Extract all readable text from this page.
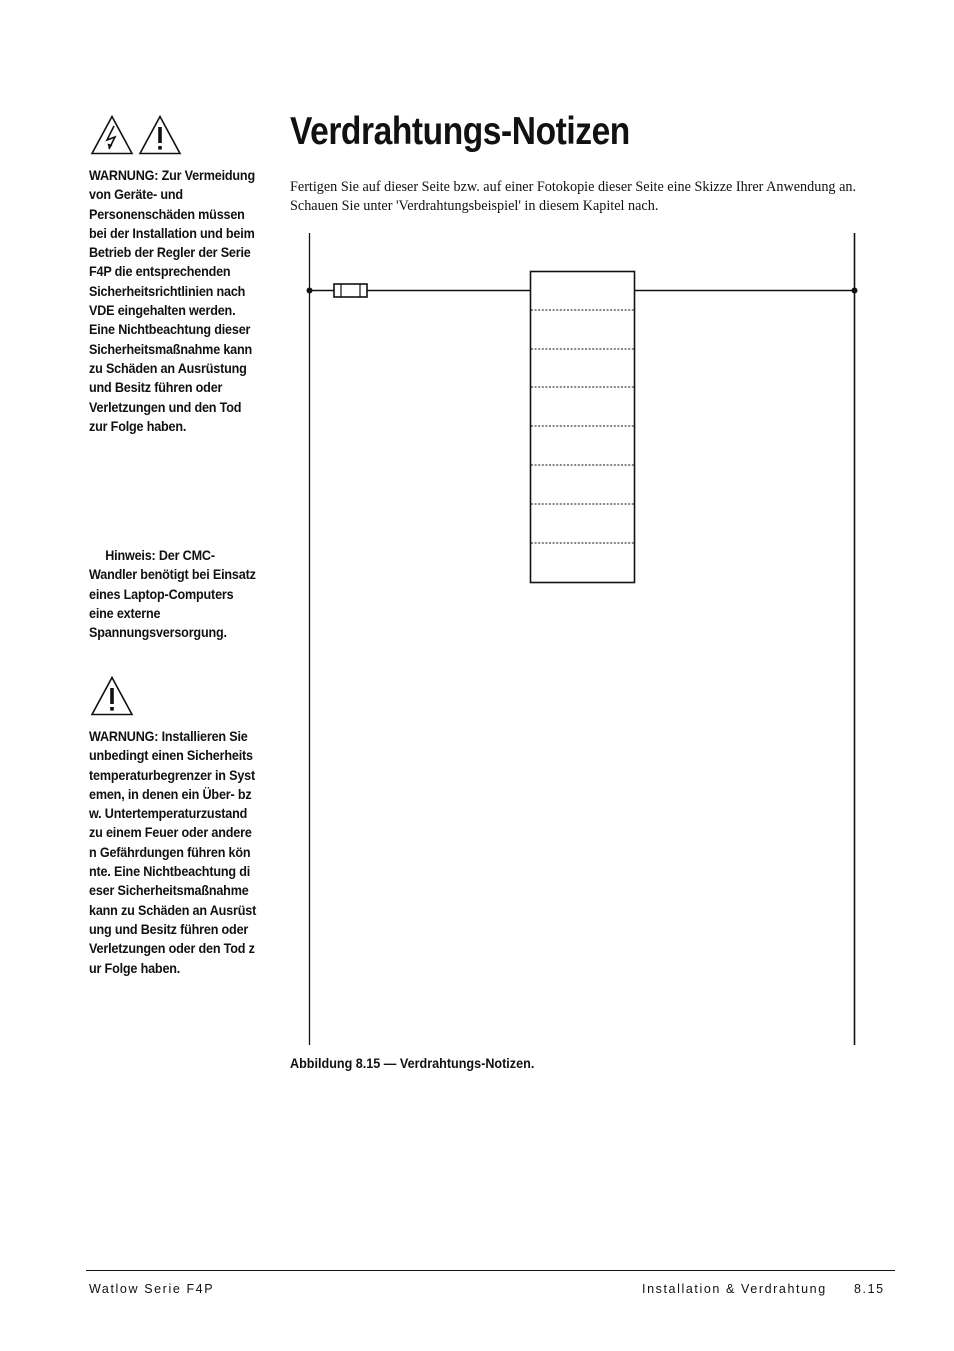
WARNUNG: Zur Vermeidung von Geräte- und Personenschäden müssen bei der Installation und beim Betrieb der Regler der Serie F4P die entsprechenden Sicherheitsrichtlinien nach VDE eingehalten werden. Eine Nichtbeachtung dieser Sicherheitsmaßnahme kann zu Schäden an Ausrüstung und Besitz führen oder Verletzungen und den Tod zur Folge haben.
Hinweis: Der CMC-Wandler benötigt bei Einsatz eines Laptop-Computers eine externe Spannungsversorgung.
WARNUNG: Installieren Sie unbedingt einen Sicherheitstemperaturbegrenzer in Systemen, in denen ein Über- bzw. Untertemperaturzustand zu einem Feuer oder anderen Gefährdungen führen könnte. Eine Nichtbeachtung dieser Sicherheitsmaßnahme kann zu Schäden an Ausrüstung und Besitz führen oder Verletzungen oder den Tod zur Folge haben.
Verdrahtungs-Notizen
Fertigen Sie auf dieser Seite bzw. auf einer Fotokopie dieser Seite eine Skizze Ihrer Anwendung an. Schauen Sie unter 'Verdrahtungsbeispiel' in diesem Kapitel nach.
Abbildung 8.15 — Verdrahtungs-Notizen.
Watlow Serie F4P	Installation & Verdrahtung 8.15
